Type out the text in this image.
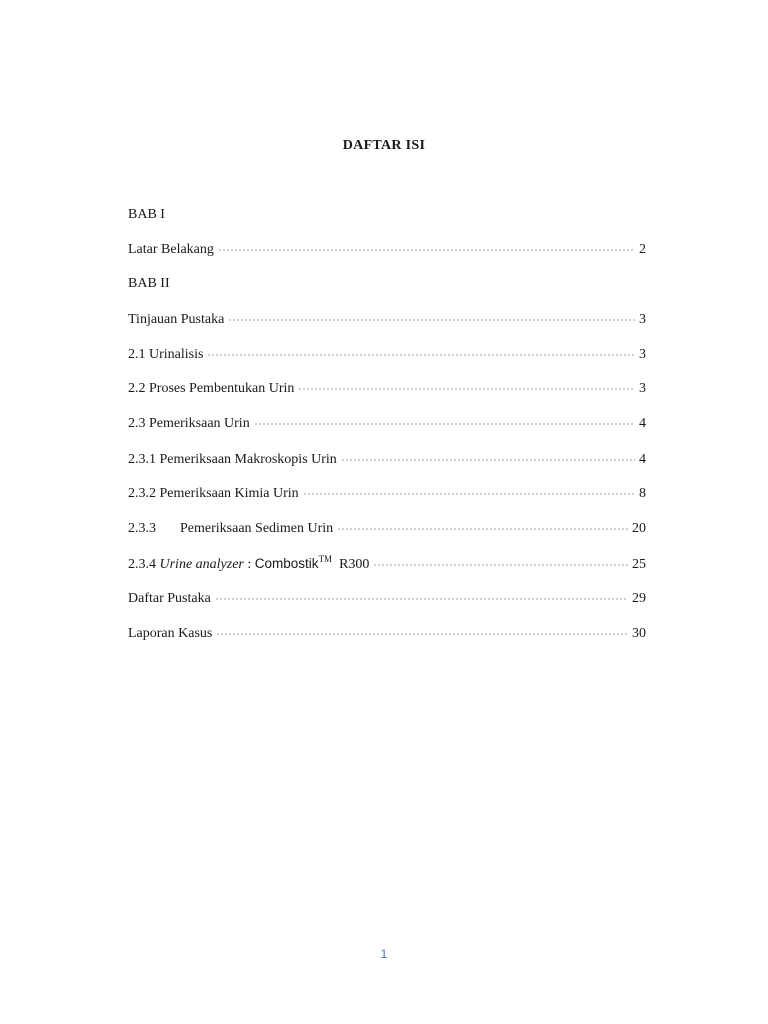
DAFTAR ISI
BAB I
Latar Belakang	2
BAB II
Tinjauan Pustaka	3
2.1 Urinalisis	3
2.2 Proses Pembentukan Urin	3
2.3 Pemeriksaan Urin	4
2.3.1 Pemeriksaan Makroskopis Urin	4
2.3.2 Pemeriksaan Kimia Urin	8
2.3.3 Pemeriksaan Sedimen Urin	20
2.3.4 Urine analyzer : Combostik™ R300	25
Daftar Pustaka	29
Laporan Kasus	30
1
